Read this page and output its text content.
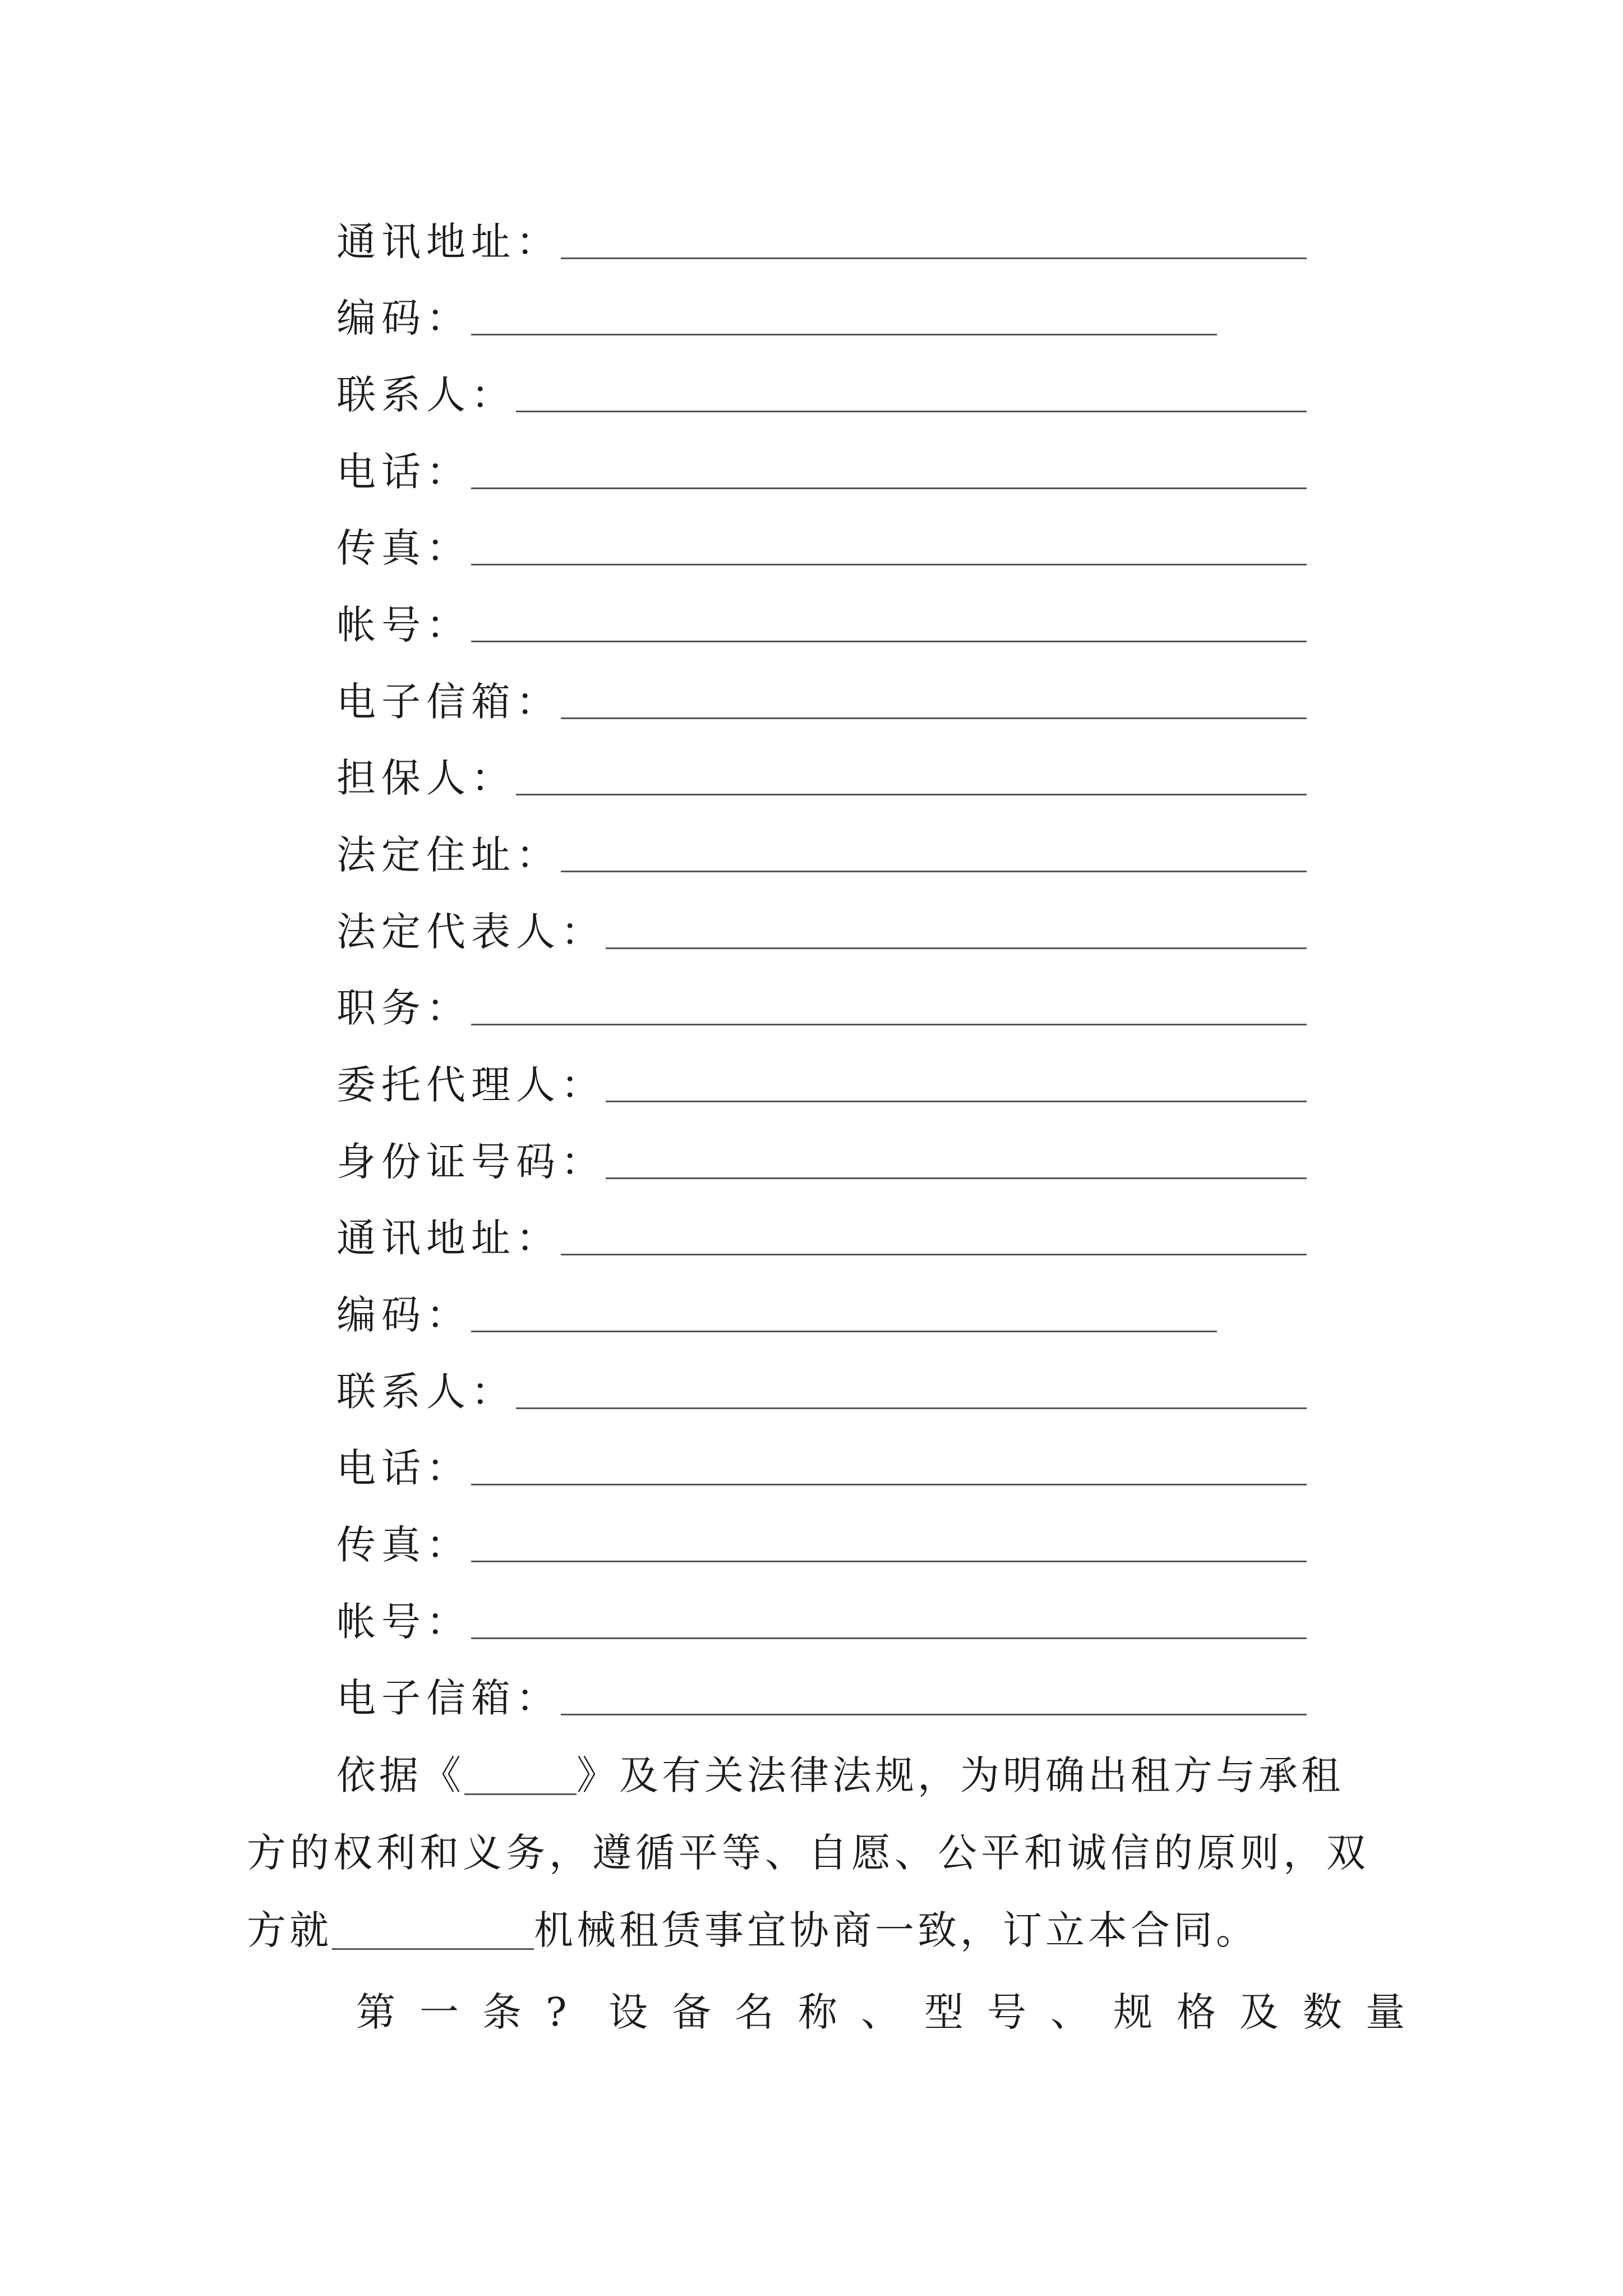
通讯地址：
编码：
联系人：
电话：
传真：
帐号：
电子信箱：
担保人：
法定住址：
法定代表人：
职务：
委托代理人：
身份证号码：
通讯地址：
编码：
联系人：
电话：
传真：
帐号：
电子信箱：
依据《	》及有关法律法规，为明确出租方与承租
方的权利和义务，遵循平等、自愿、公平和诚信的原则，双
方就	机械租赁事宜协商一致，订立本合同。
第 一 条 ? 设 备 名 称 、 型 号 、 规 格 及 数 量
